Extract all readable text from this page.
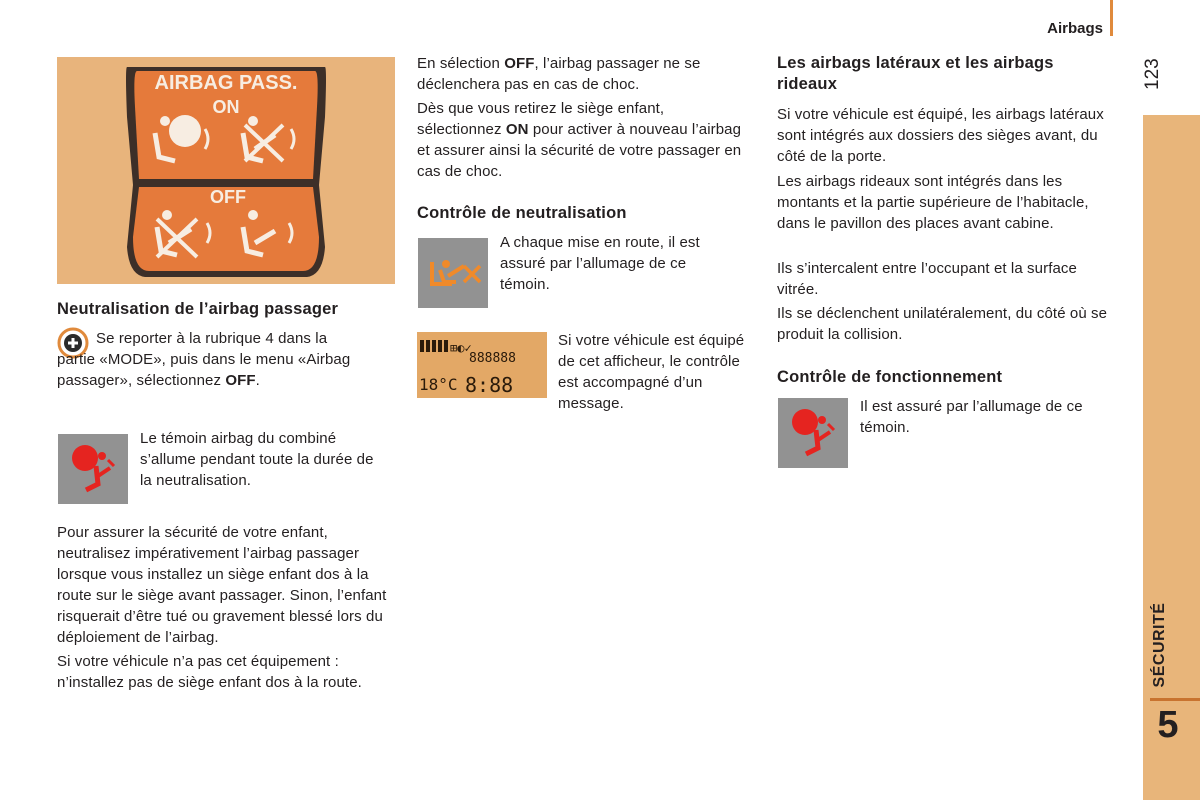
Airbags
123
SÉCURITÉ
5
AIRBAG PASS.
ON
OFF
Neutralisation de l’airbag passager

Se reporter à la rubrique 4 dans la partie «MODE», puis dans le menu «Airbag passager», sélectionnez OFF.

Le témoin airbag du combiné s’allume pendant toute la durée de la neutralisation.

Pour assurer la sécurité de votre enfant, neutralisez impérativement l’airbag passager lorsque vous installez un siège enfant dos à la route sur le siège avant passager. Sinon, l’enfant risquerait d’être tué ou gravement blessé lors du déploiement de l’airbag.

Si votre véhicule n’a pas cet équipement : n’installez pas de siège enfant dos à la route.

En sélection OFF, l’airbag passager ne se déclenchera pas en cas de choc.

Dès que vous retirez le siège enfant, sélectionnez ON pour activer à nouveau l’airbag et assurer ainsi la sécurité de votre passager en cas de choc.

Contrôle de neutralisation

A chaque mise en route, il est assuré par l’allumage de ce témoin.

⊞◐✓
888888
18°C 8:88

Si votre véhicule est équipé de cet afficheur, le contrôle est accompagné d’un message.

Les airbags latéraux et les airbags rideaux

Si votre véhicule est équipé, les airbags latéraux sont intégrés aux dossiers des sièges avant, du côté de la porte.

Les airbags rideaux sont intégrés dans les montants et la partie supérieure de l’habitacle, dans le pavillon des places avant cabine.

Ils s’intercalent entre l’occupant et la surface vitrée.

Ils se déclenchent unilatéralement, du côté où se produit la collision.

Contrôle de fonctionnement

Il est assuré par l’allumage de ce témoin.
